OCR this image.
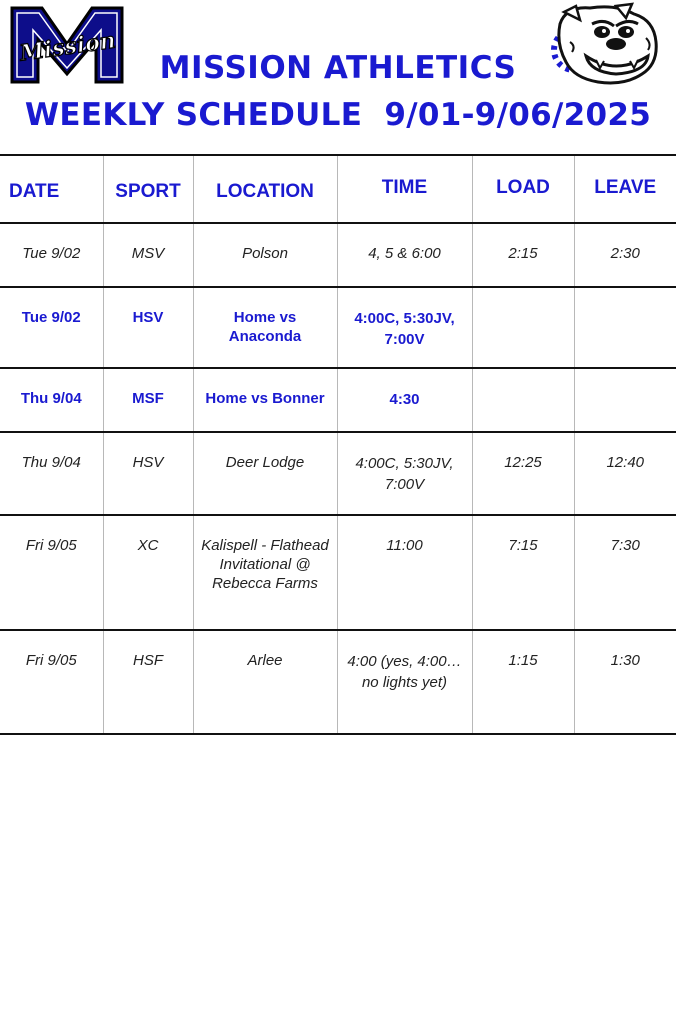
Mission
MISSION ATHLETICS
WEEKLY SCHEDULE  9/01-9/06/2025
DATE	SPORT	LOCATION	TIME	LOAD	LEAVE
Tue 9/02	MSV	Polson	4, 5 & 6:00	2:15	2:30
Tue 9/02	HSV	Home vs Anaconda	4:00C, 5:30JV, 7:00V		
Thu 9/04	MSF	Home vs Bonner	4:30		
Thu 9/04	HSV	Deer Lodge	4:00C, 5:30JV, 7:00V	12:25	12:40
Fri 9/05	XC	Kalispell - Flathead Invitational @ Rebecca Farms	11:00	7:15	7:30
Fri 9/05	HSF	Arlee	4:00 (yes, 4:00…no lights yet)	1:15	1:30
